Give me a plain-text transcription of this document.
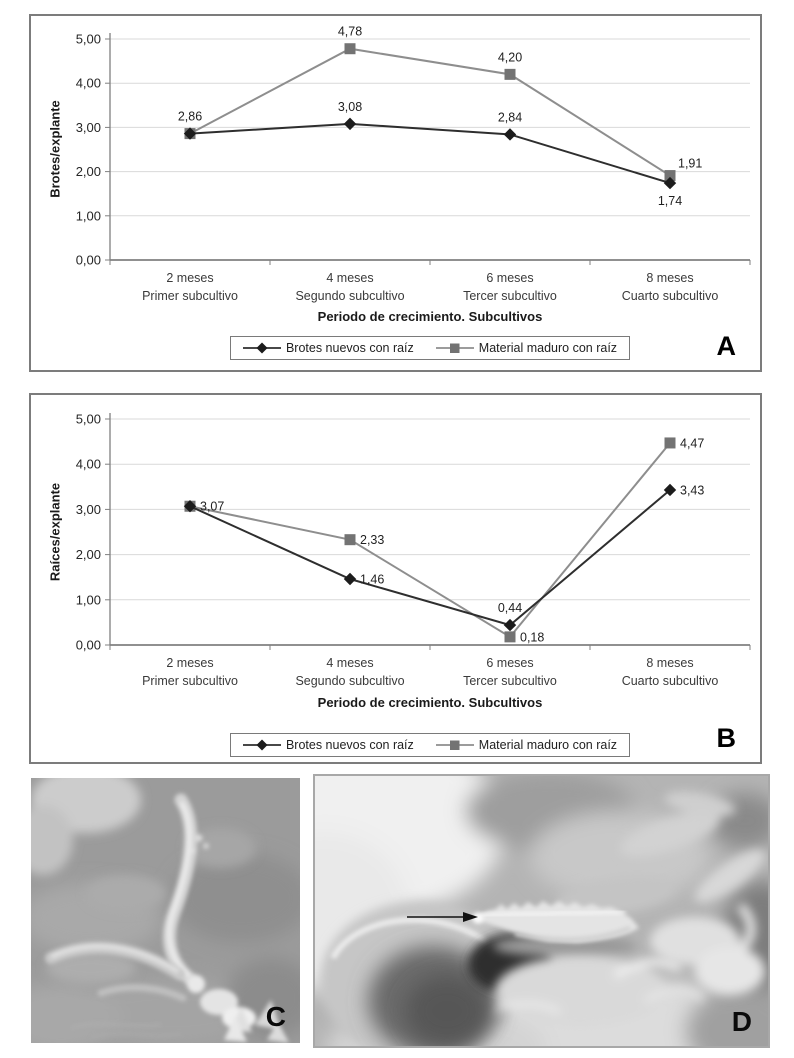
Brotes/explante
0,00
1,00
2,00
3,00
4,00
5,00
2 meses Primer subcultivo
4 meses Segundo subcultivo
6 meses Tercer subcultivo
8 meses Cuarto subcultivo
2,86
3,08
2,84
1,74
4,78
4,20
1,91
Periodo de crecimiento. Subcultivos
Brotes nuevos con raíz	Material maduro con raíz	A
Raíces/explante
0,00
1,00
2,00
3,00
4,00
5,00
2 meses Primer subcultivo
4 meses Segundo subcultivo
6 meses Tercer subcultivo
8 meses Cuarto subcultivo
1,46
0,44
3,43
3,07
2,33
0,18
4,47
Periodo de crecimiento. Subcultivos
Brotes nuevos con raíz	Material maduro con raíz	B
C	D
